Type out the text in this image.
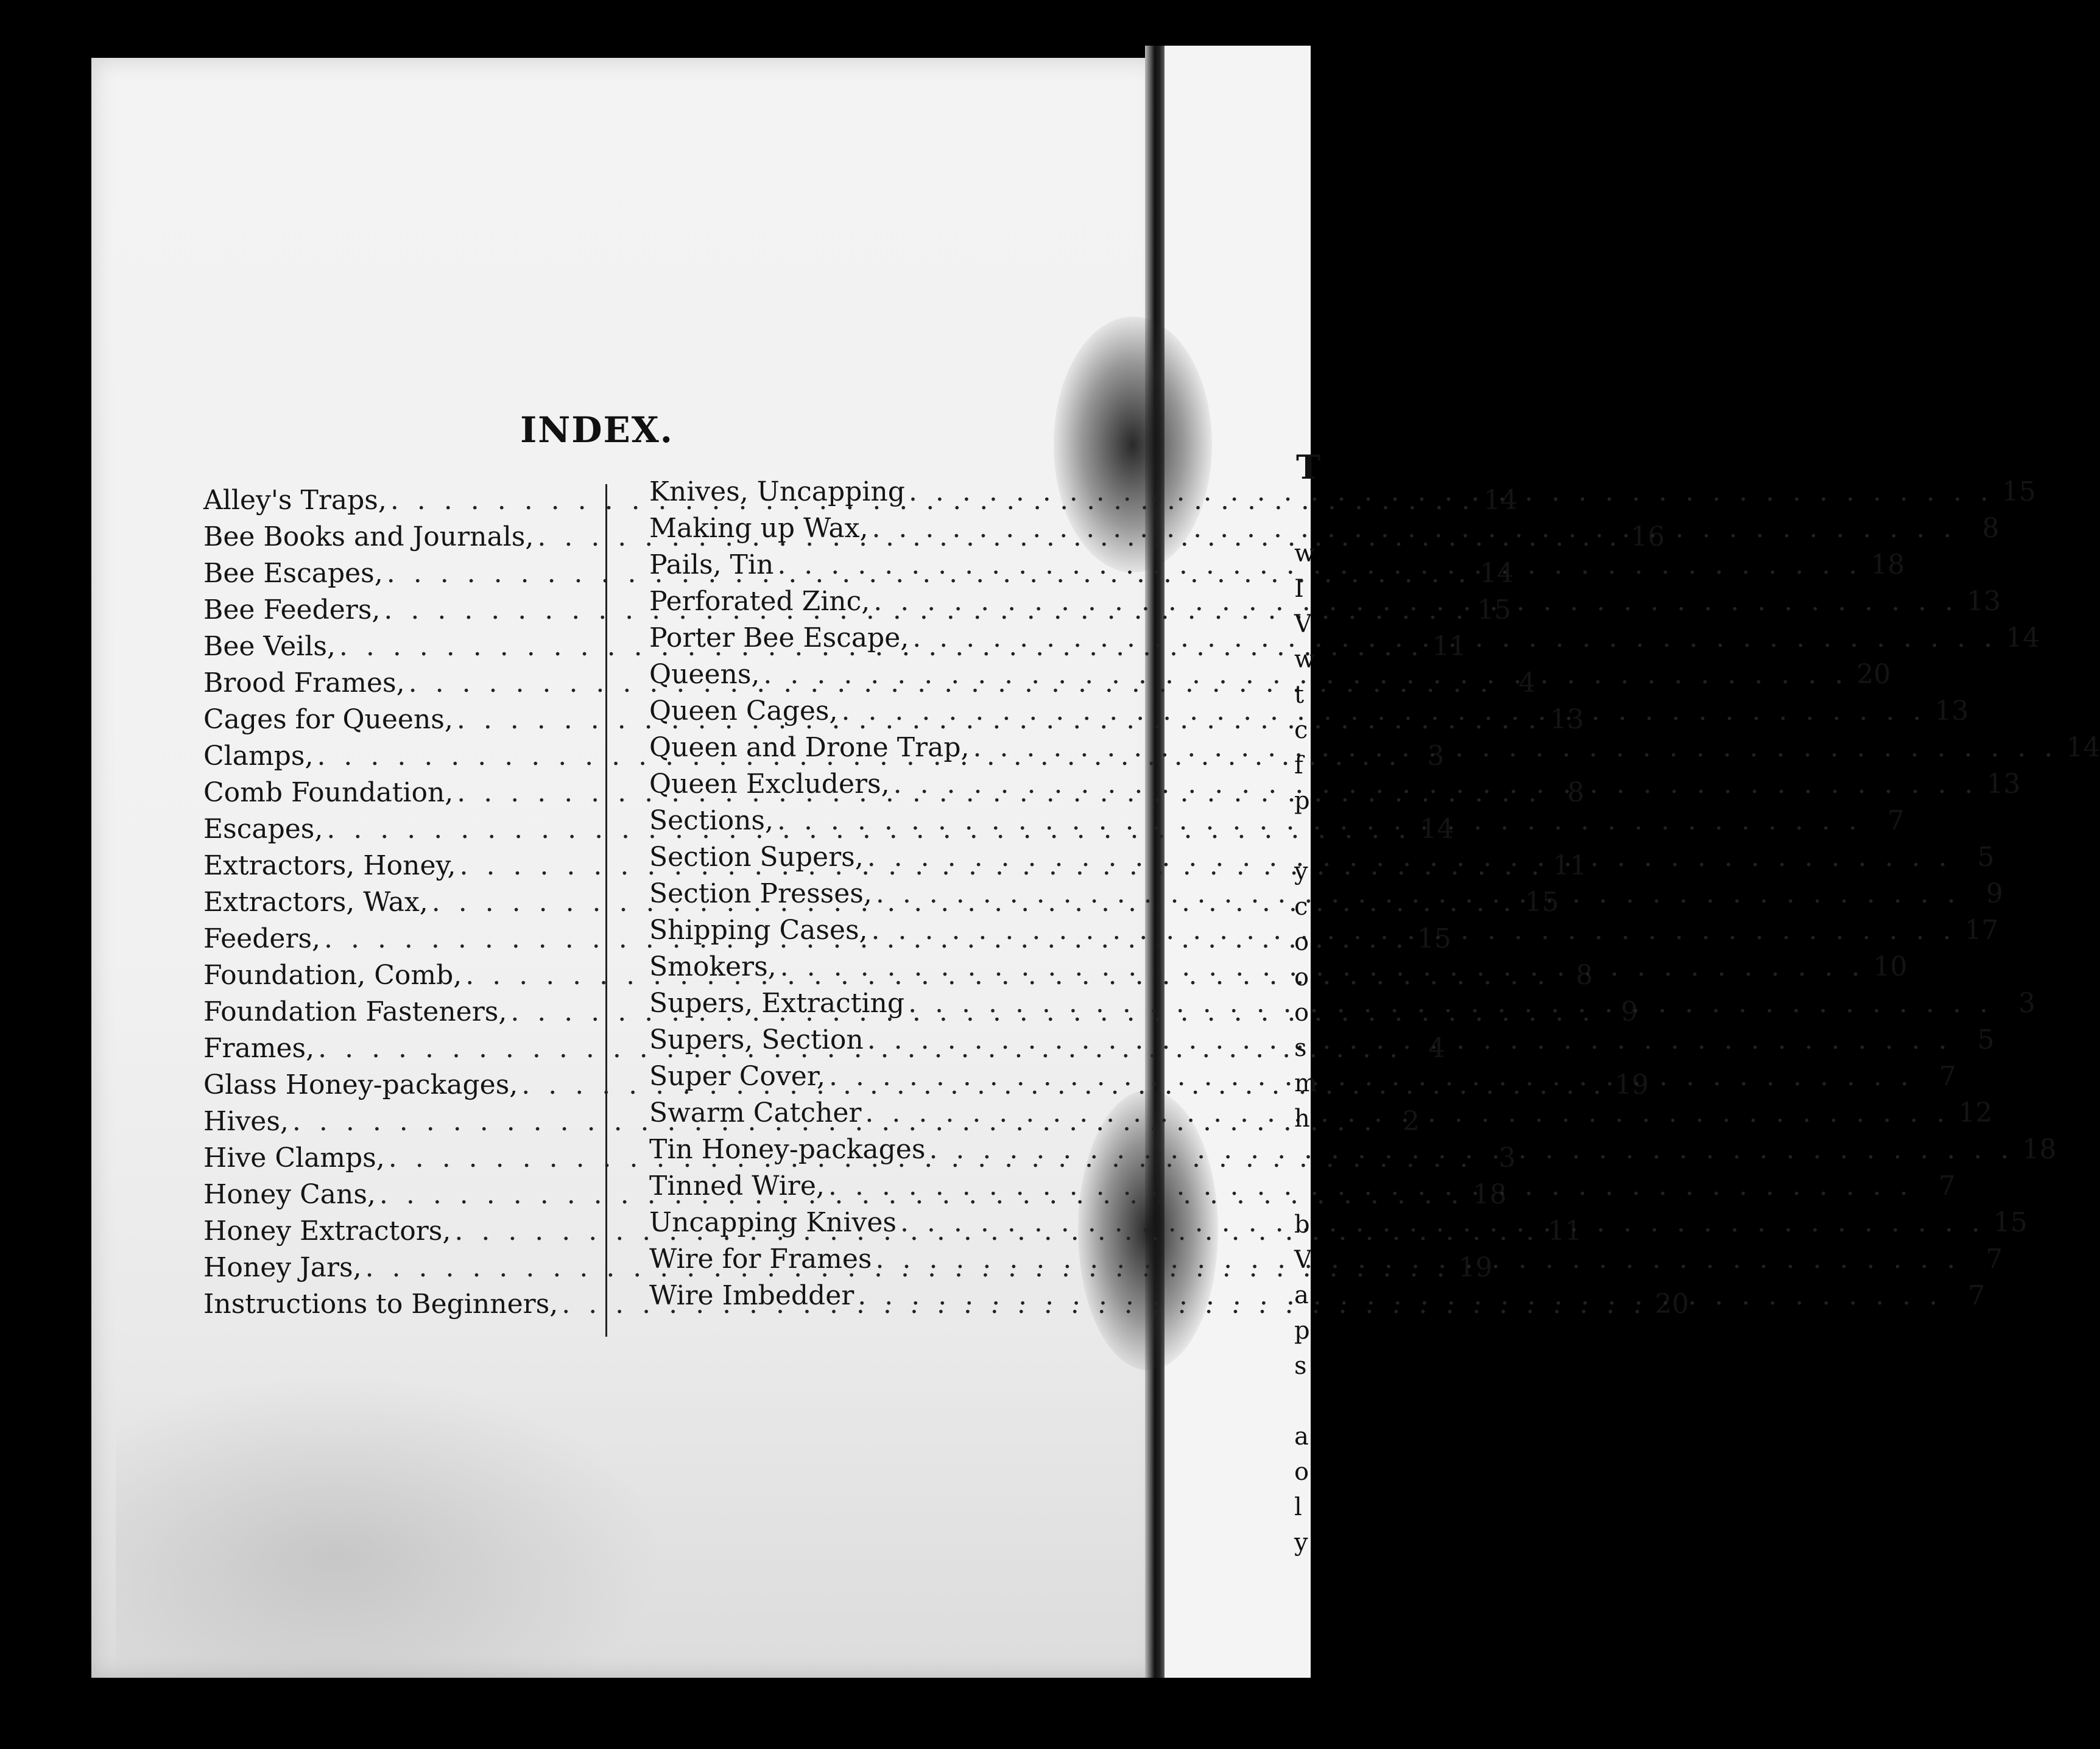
INDEX.
Alley's Traps, . . .	14
Bee Books and Journals, . . .	16
Bee Escapes, . . .	14
Bee Feeders, . . .	15
Bee Veils, . . .	11
Brood Frames, . . .	4
Cages for Queens, . . .	13
Clamps, . . .	3
Comb Foundation, . . .	8
Escapes, . . .	14
Extractors, Honey, . . .	11
Extractors, Wax, . . .	15
Feeders, . . .	15
Foundation, Comb, . . .	8
Foundation Fasteners, . . .	9
Frames, . . .	4
Glass Honey-packages, . . .	19
Hives, . . .	2
Hive Clamps, . . .	3
Honey Cans, . . .	18
Honey Extractors, . . .	11
Honey Jars, . . .	19
Instructions to Beginners, . . .	20
Knives, Uncapping . . .	15
Making up Wax, . . .	8
Pails, Tin . . .	18
Perforated Zinc, . . .	13
Porter Bee Escape, . . .	14
Queens, . . .	20
Queen Cages, . . .	13
Queen and Drone Trap, . . .	14
Queen Excluders, . . .	13
Sections, . . .	7
Section Supers, . . .	5
Section Presses, . . .	9
Shipping Cases, . . .	17
Smokers, . . .	10
Supers, Extracting . . .	3
Supers, Section . . .	5
Super Cover, . . .	7
Swarm Catcher . . .	12
Tin Honey-packages . . .	18
Tinned Wire, . . .	7
Uncapping Knives . . .	15
Wire for Frames . . .	7
Wire Imbedder . . .	7
T
w
I
V
w
t
c
f
p
y
c
o
o
o
s
m
h
b
V
a
p
s
a
o
l
y
